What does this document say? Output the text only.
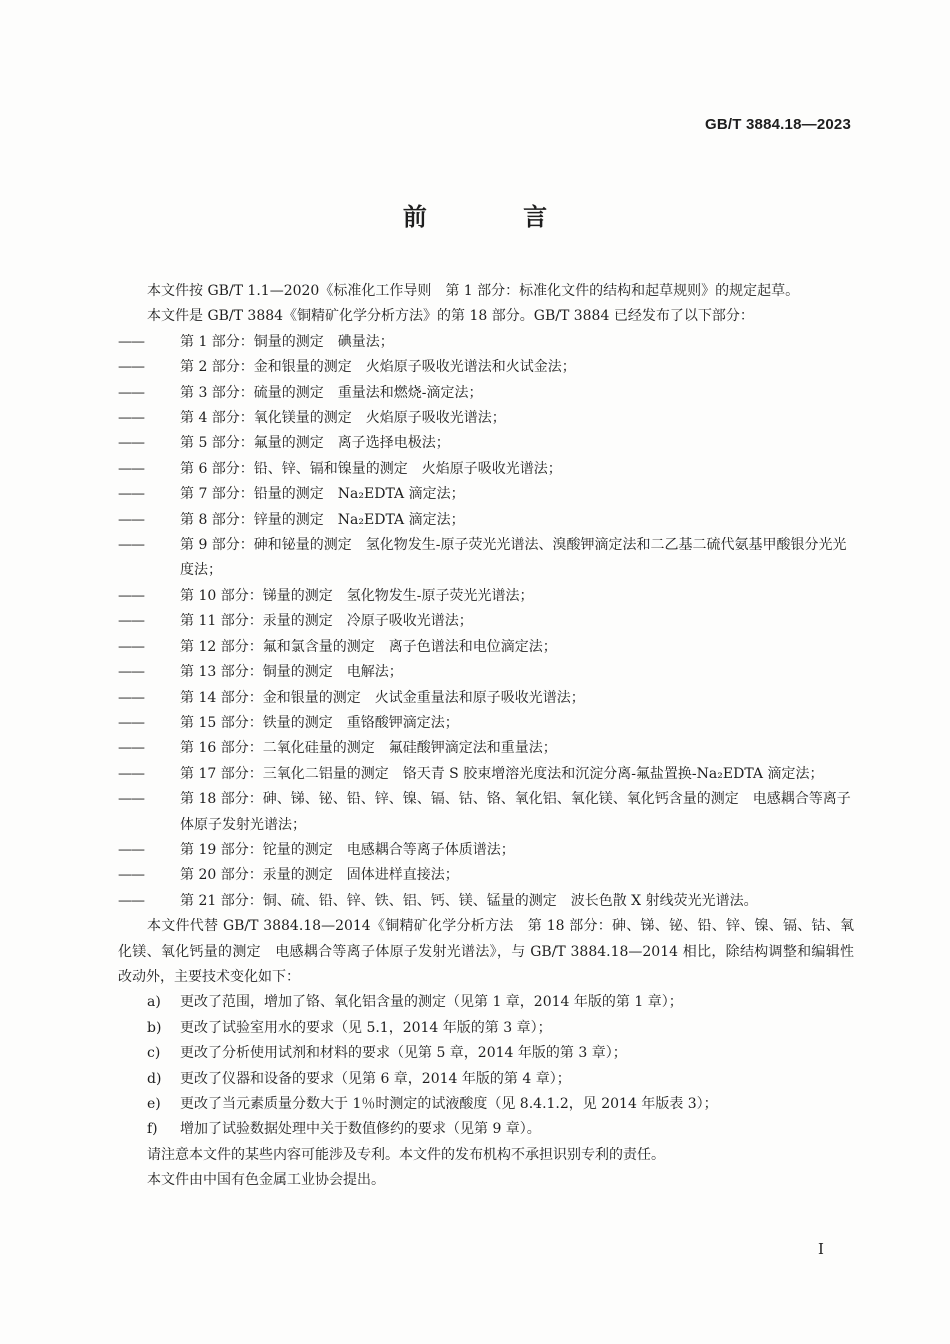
GB/T 3884.18—2023
前 言
本文件按 GB/T 1.1—2020《标准化工作导则　第 1 部分：标准化文件的结构和起草规则》的规定起草。
本文件是 GB/T 3884《铜精矿化学分析方法》的第 18 部分。GB/T 3884 已经发布了以下部分：
——	第 1 部分：铜量的测定　碘量法；
——	第 2 部分：金和银量的测定　火焰原子吸收光谱法和火试金法；
——	第 3 部分：硫量的测定　重量法和燃烧-滴定法；
——	第 4 部分：氧化镁量的测定　火焰原子吸收光谱法；
——	第 5 部分：氟量的测定　离子选择电极法；
——	第 6 部分：铅、锌、镉和镍量的测定　火焰原子吸收光谱法；
——	第 7 部分：铅量的测定　Na₂EDTA 滴定法；
——	第 8 部分：锌量的测定　Na₂EDTA 滴定法；
——	第 9 部分：砷和铋量的测定　氢化物发生-原子荧光光谱法、溴酸钾滴定法和二乙基二硫代氨基甲酸银分光光度法；
——	第 10 部分：锑量的测定　氢化物发生-原子荧光光谱法；
——	第 11 部分：汞量的测定　冷原子吸收光谱法；
——	第 12 部分：氟和氯含量的测定　离子色谱法和电位滴定法；
——	第 13 部分：铜量的测定　电解法；
——	第 14 部分：金和银量的测定　火试金重量法和原子吸收光谱法；
——	第 15 部分：铁量的测定　重铬酸钾滴定法；
——	第 16 部分：二氧化硅量的测定　氟硅酸钾滴定法和重量法；
——	第 17 部分：三氧化二铝量的测定　铬天青 S 胶束增溶光度法和沉淀分离-氟盐置换-Na₂EDTA 滴定法；
——	第 18 部分：砷、锑、铋、铅、锌、镍、镉、钴、铬、氧化铝、氧化镁、氧化钙含量的测定　电感耦合等离子体原子发射光谱法；
——	第 19 部分：铊量的测定　电感耦合等离子体质谱法；
——	第 20 部分：汞量的测定　固体进样直接法；
——	第 21 部分：铜、硫、铅、锌、铁、铝、钙、镁、锰量的测定　波长色散 X 射线荧光光谱法。
本文件代替 GB/T 3884.18—2014《铜精矿化学分析方法　第 18 部分：砷、锑、铋、铅、锌、镍、镉、钴、氧化镁、氧化钙量的测定　电感耦合等离子体原子发射光谱法》，与 GB/T 3884.18—2014 相比，除结构调整和编辑性改动外，主要技术变化如下：
a) 更改了范围，增加了铬、氧化铝含量的测定（见第 1 章，2014 年版的第 1 章）；
b) 更改了试验室用水的要求（见 5.1，2014 年版的第 3 章）；
c) 更改了分析使用试剂和材料的要求（见第 5 章，2014 年版的第 3 章）；
d) 更改了仪器和设备的要求（见第 6 章，2014 年版的第 4 章）；
e) 更改了当元素质量分数大于 1％时测定的试液酸度（见 8.4.1.2，见 2014 年版表 3）；
f) 增加了试验数据处理中关于数值修约的要求（见第 9 章）。
请注意本文件的某些内容可能涉及专利。本文件的发布机构不承担识别专利的责任。
本文件由中国有色金属工业协会提出。
I
